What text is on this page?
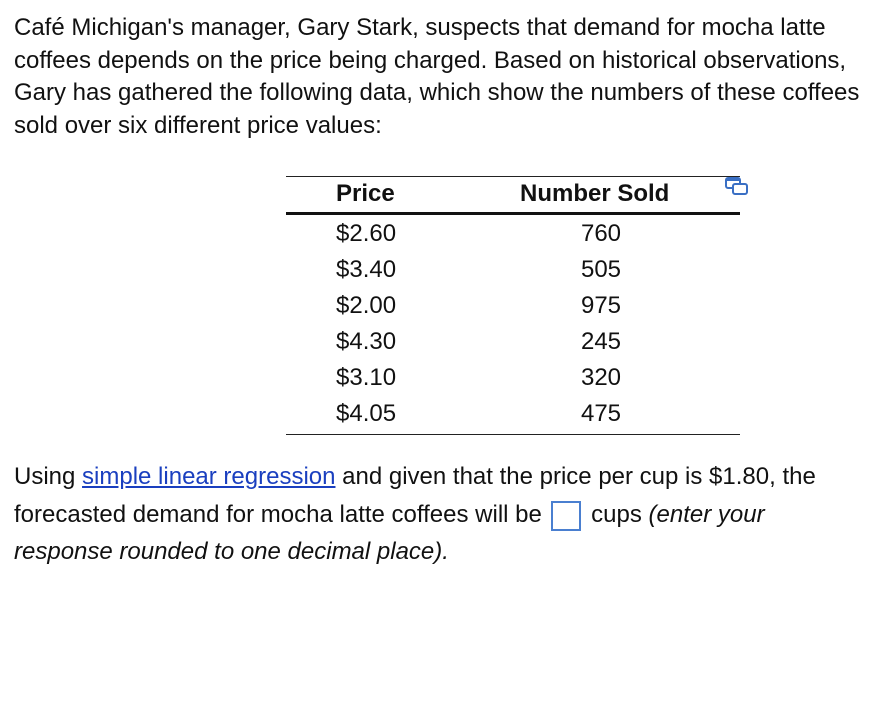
Café Michigan's manager, Gary Stark, suspects that demand for mocha latte coffees depends on the price being charged. Based on historical observations, Gary has gathered the following data, which show the numbers of these coffees sold over six different price values:

Price	Number Sold
$2.60	760
$3.40	505
$2.00	975
$4.30	245
$3.10	320
$4.05	475

Using simple linear regression and given that the price per cup is $1.80, the forecasted demand for mocha latte coffees will be  cups (enter your response rounded to one decimal place).
